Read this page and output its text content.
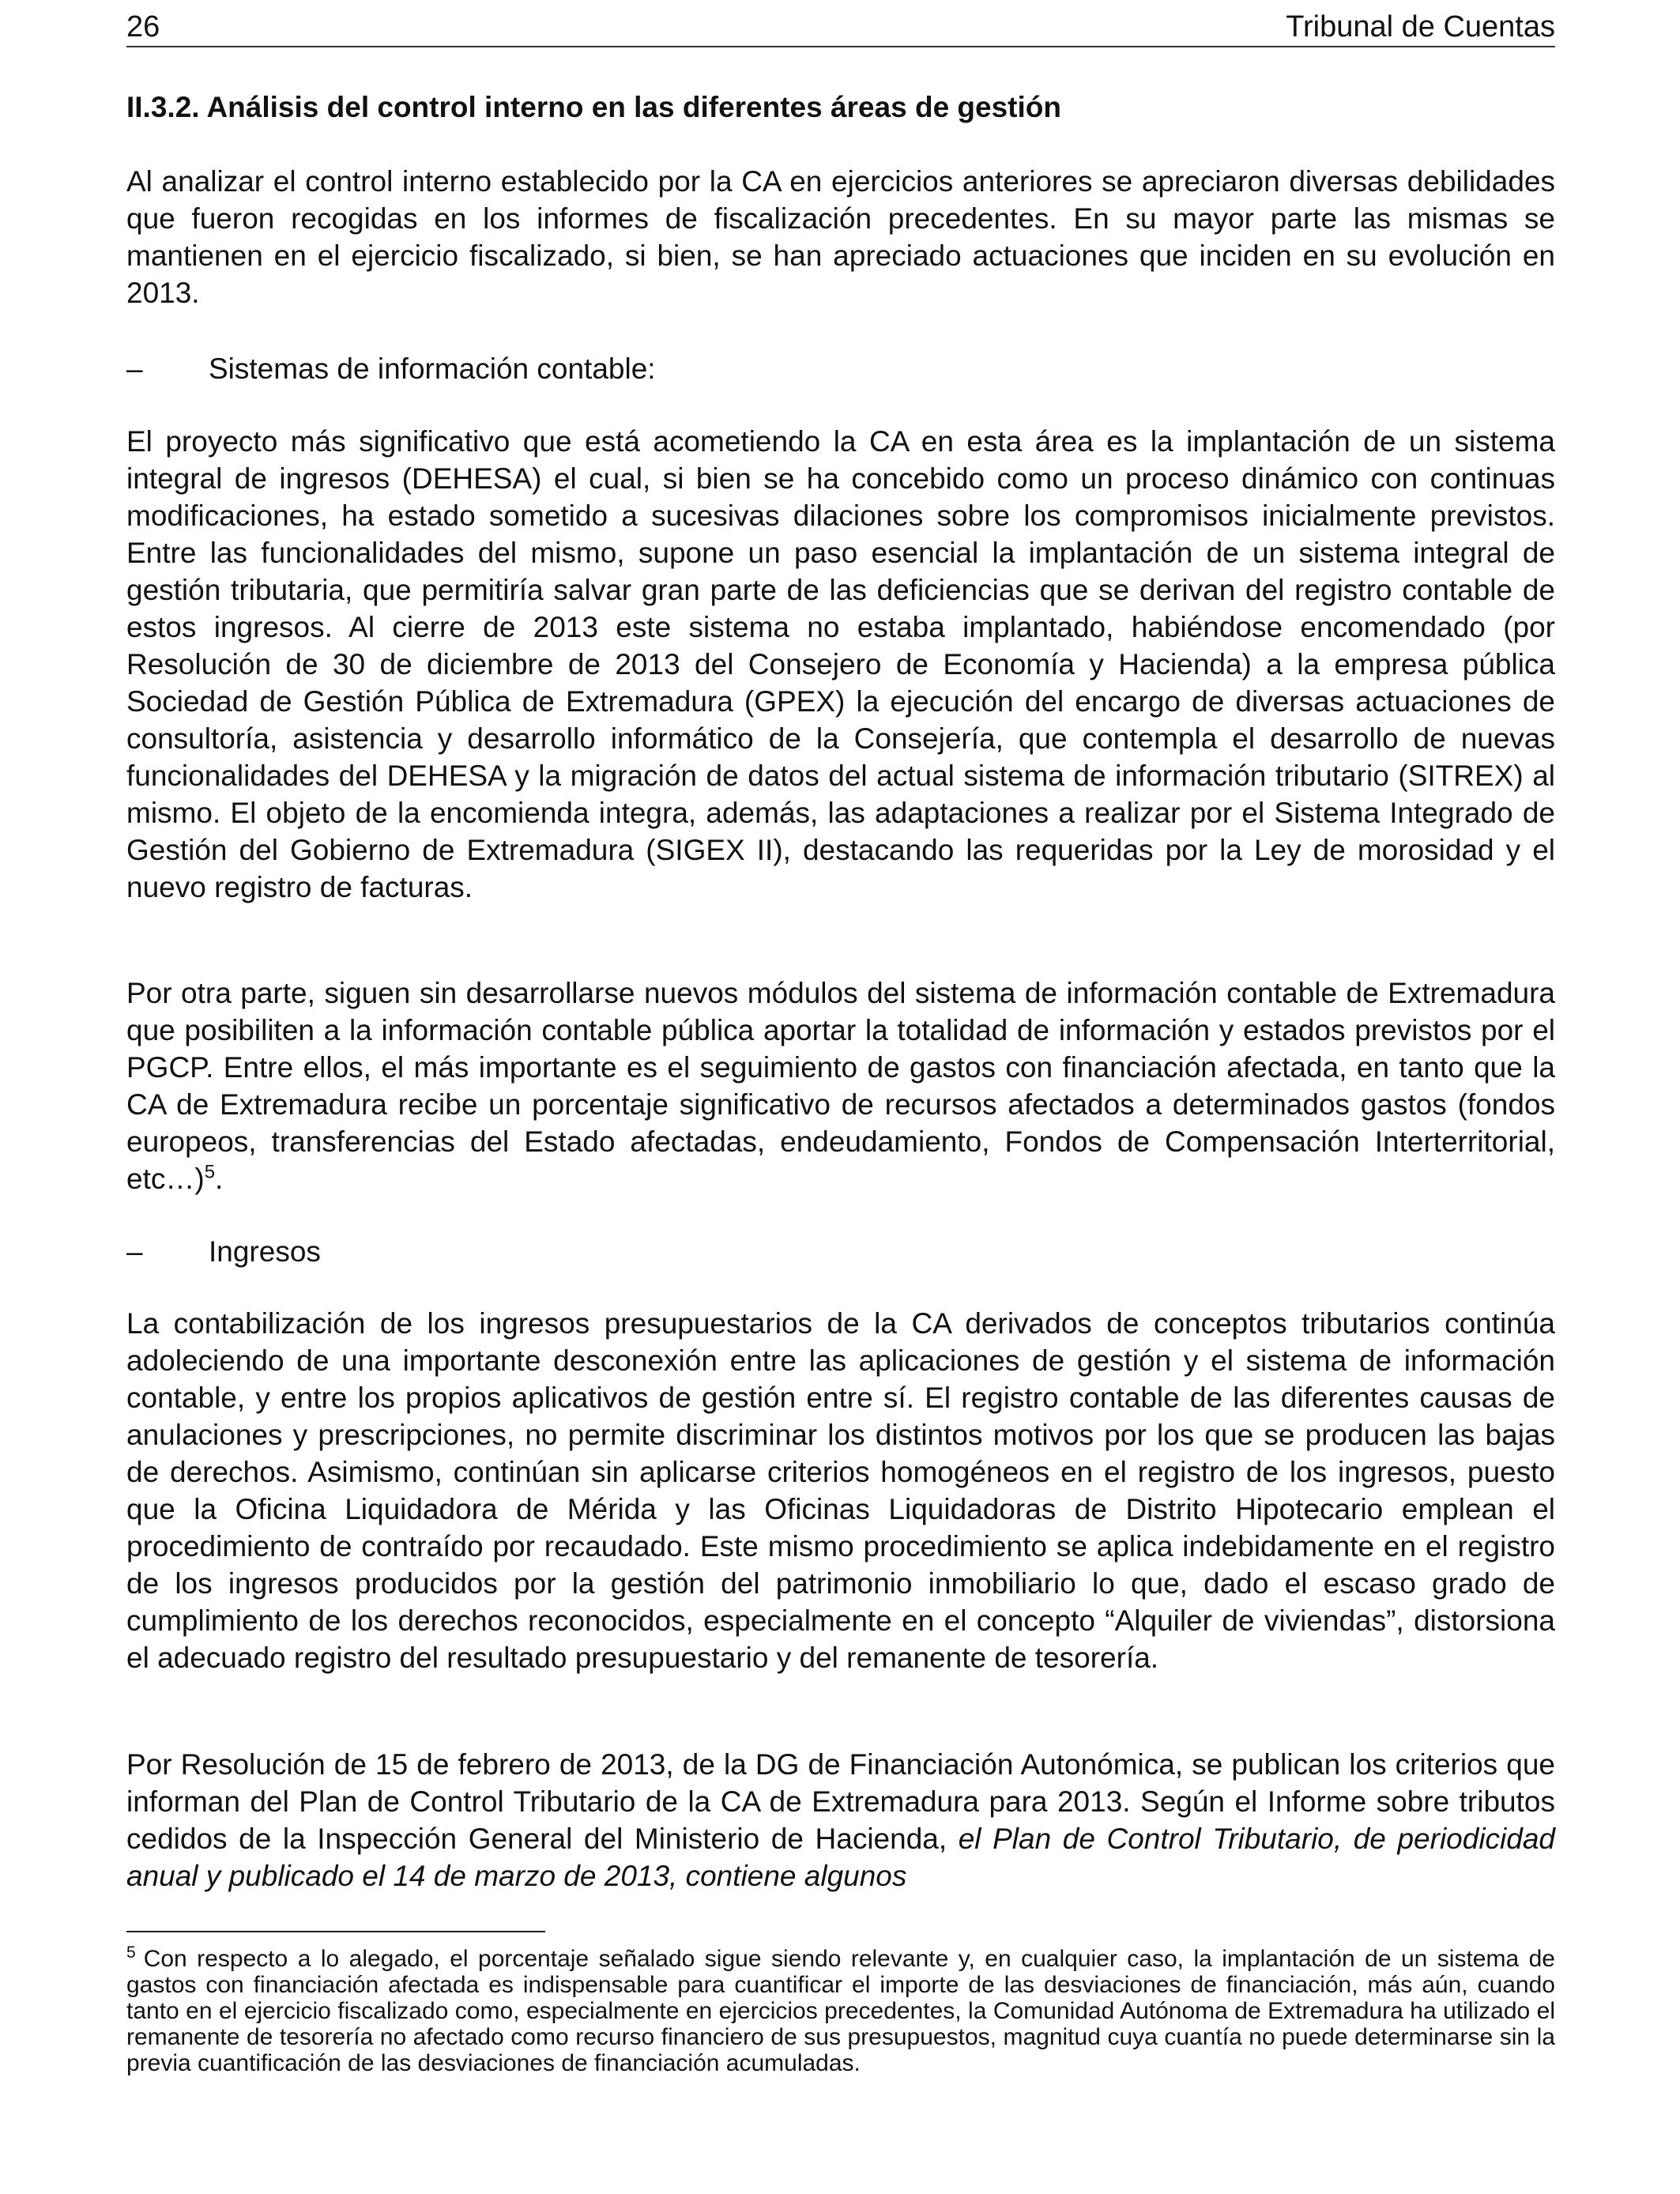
26	Tribunal de Cuentas
II.3.2. Análisis del control interno en las diferentes áreas de gestión

Al analizar el control interno establecido por la CA en ejercicios anteriores se apreciaron diversas debilidades que fueron recogidas en los informes de fiscalización precedentes. En su mayor parte las mismas se mantienen en el ejercicio fiscalizado, si bien, se han apreciado actuaciones que inciden en su evolución en 2013.

– Sistemas de información contable:

El proyecto más significativo que está acometiendo la CA en esta área es la implantación de un sistema integral de ingresos (DEHESA) el cual, si bien se ha concebido como un proceso dinámico con continuas modificaciones, ha estado sometido a sucesivas dilaciones sobre los compromisos inicialmente previstos. Entre las funcionalidades del mismo, supone un paso esencial la implantación de un sistema integral de gestión tributaria, que permitiría salvar gran parte de las deficiencias que se derivan del registro contable de estos ingresos. Al cierre de 2013 este sistema no estaba implantado, habiéndose encomendado (por Resolución de 30 de diciembre de 2013 del Consejero de Economía y Hacienda) a la empresa pública Sociedad de Gestión Pública de Extremadura (GPEX) la ejecución del encargo de diversas actuaciones de consultoría, asistencia y desarrollo informático de la Consejería, que contempla el desarrollo de nuevas funcionalidades del DEHESA y la migración de datos del actual sistema de información tributario (SITREX) al mismo. El objeto de la encomienda integra, además, las adaptaciones a realizar por el Sistema Integrado de Gestión del Gobierno de Extremadura (SIGEX II), destacando las requeridas por la Ley de morosidad y el nuevo registro de facturas.

Por otra parte, siguen sin desarrollarse nuevos módulos del sistema de información contable de Extremadura que posibiliten a la información contable pública aportar la totalidad de información y estados previstos por el PGCP. Entre ellos, el más importante es el seguimiento de gastos con financiación afectada, en tanto que la CA de Extremadura recibe un porcentaje significativo de recursos afectados a determinados gastos (fondos europeos, transferencias del Estado afectadas, endeudamiento, Fondos de Compensación Interterritorial, etc…)$^5$.

– Ingresos

La contabilización de los ingresos presupuestarios de la CA derivados de conceptos tributarios continúa adoleciendo de una importante desconexión entre las aplicaciones de gestión y el sistema de información contable, y entre los propios aplicativos de gestión entre sí. El registro contable de las diferentes causas de anulaciones y prescripciones, no permite discriminar los distintos motivos por los que se producen las bajas de derechos. Asimismo, continúan sin aplicarse criterios homogéneos en el registro de los ingresos, puesto que la Oficina Liquidadora de Mérida y las Oficinas Liquidadoras de Distrito Hipotecario emplean el procedimiento de contraído por recaudado. Este mismo procedimiento se aplica indebidamente en el registro de los ingresos producidos por la gestión del patrimonio inmobiliario lo que, dado el escaso grado de cumplimiento de los derechos reconocidos, especialmente en el concepto “Alquiler de viviendas”, distorsiona el adecuado registro del resultado presupuestario y del remanente de tesorería.

Por Resolución de 15 de febrero de 2013, de la DG de Financiación Autonómica, se publican los criterios que informan del Plan de Control Tributario de la CA de Extremadura para 2013. Según el Informe sobre tributos cedidos de la Inspección General del Ministerio de Hacienda, el Plan de Control Tributario, de periodicidad anual y publicado el 14 de marzo de 2013, contiene algunos

$^5$ Con respecto a lo alegado, el porcentaje señalado sigue siendo relevante y, en cualquier caso, la implantación de un sistema de gastos con financiación afectada es indispensable para cuantificar el importe de las desviaciones de financiación, más aún, cuando tanto en el ejercicio fiscalizado como, especialmente en ejercicios precedentes, la Comunidad Autónoma de Extremadura ha utilizado el remanente de tesorería no afectado como recurso financiero de sus presupuestos, magnitud cuya cuantía no puede determinarse sin la previa cuantificación de las desviaciones de financiación acumuladas.
